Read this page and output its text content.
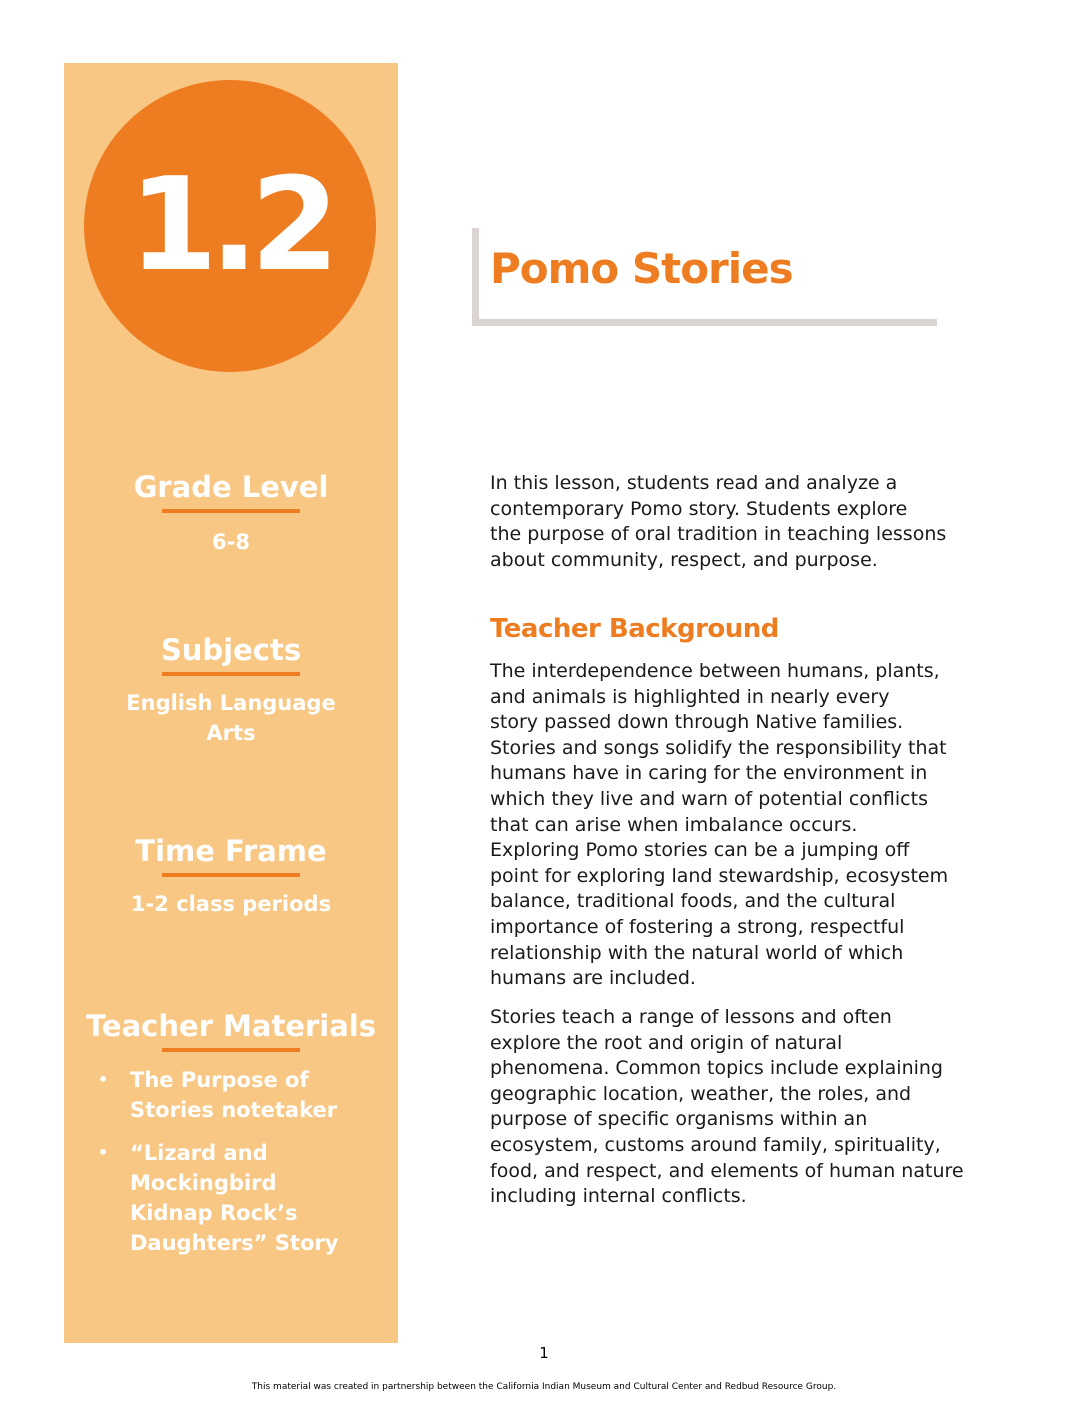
1.2
Grade Level
6-8
Subjects
English Language
Arts
Time Frame
1-2 class periods
Teacher Materials
• The Purpose of
Stories notetaker
• “Lizard and
Mockingbird
Kidnap Rock’s
Daughters” Story
Pomo Stories
In this lesson, students read and analyze a
contemporary Pomo story. Students explore
the purpose of oral tradition in teaching lessons
about community, respect, and purpose.
Teacher Background
The interdependence between humans, plants,
and animals is highlighted in nearly every
story passed down through Native families.
Stories and songs solidify the responsibility that
humans have in caring for the environment in
which they live and warn of potential conflicts
that can arise when imbalance occurs.
Exploring Pomo stories can be a jumping off
point for exploring land stewardship, ecosystem
balance, traditional foods, and the cultural
importance of fostering a strong, respectful
relationship with the natural world of which
humans are included.
Stories teach a range of lessons and often
explore the root and origin of natural
phenomena. Common topics include explaining
geographic location, weather, the roles, and
purpose of specific organisms within an
ecosystem, customs around family, spirituality,
food, and respect, and elements of human nature
including internal conflicts.
1
This material was created in partnership between the California Indian Museum and Cultural Center and Redbud Resource Group.
